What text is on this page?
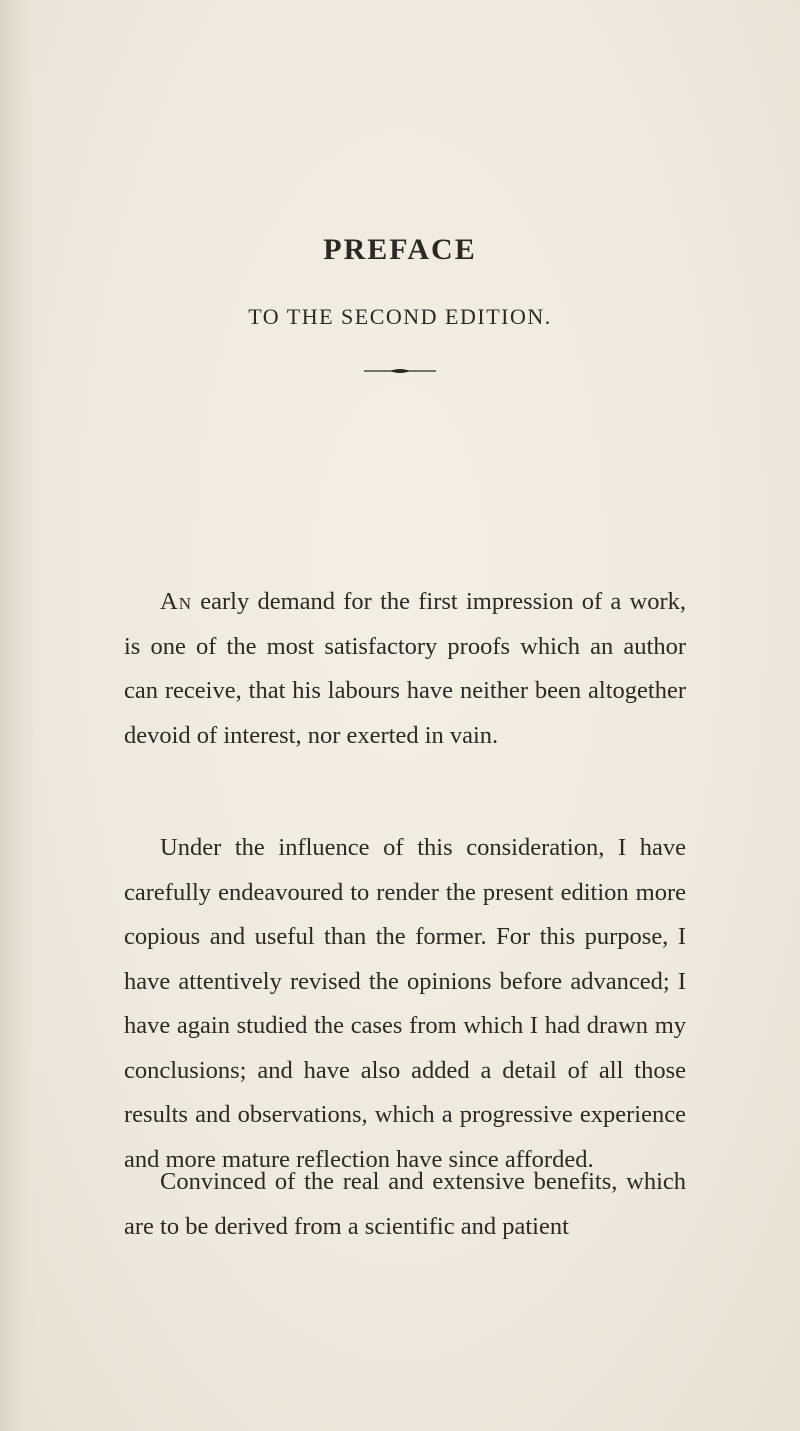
PREFACE
TO THE SECOND EDITION.

An early demand for the first impression of a work, is one of the most satisfactory proofs which an author can receive, that his labours have neither been altogether devoid of interest, nor exerted in vain.

Under the influence of this consideration, I have carefully endeavoured to render the present edition more copious and useful than the former. For this purpose, I have attentively revised the opinions before advanced; I have again studied the cases from which I had drawn my conclusions; and have also added a detail of all those results and observations, which a progressive experience and more mature reflection have since afforded.

Convinced of the real and extensive benefits, which are to be derived from a scientific and patient
